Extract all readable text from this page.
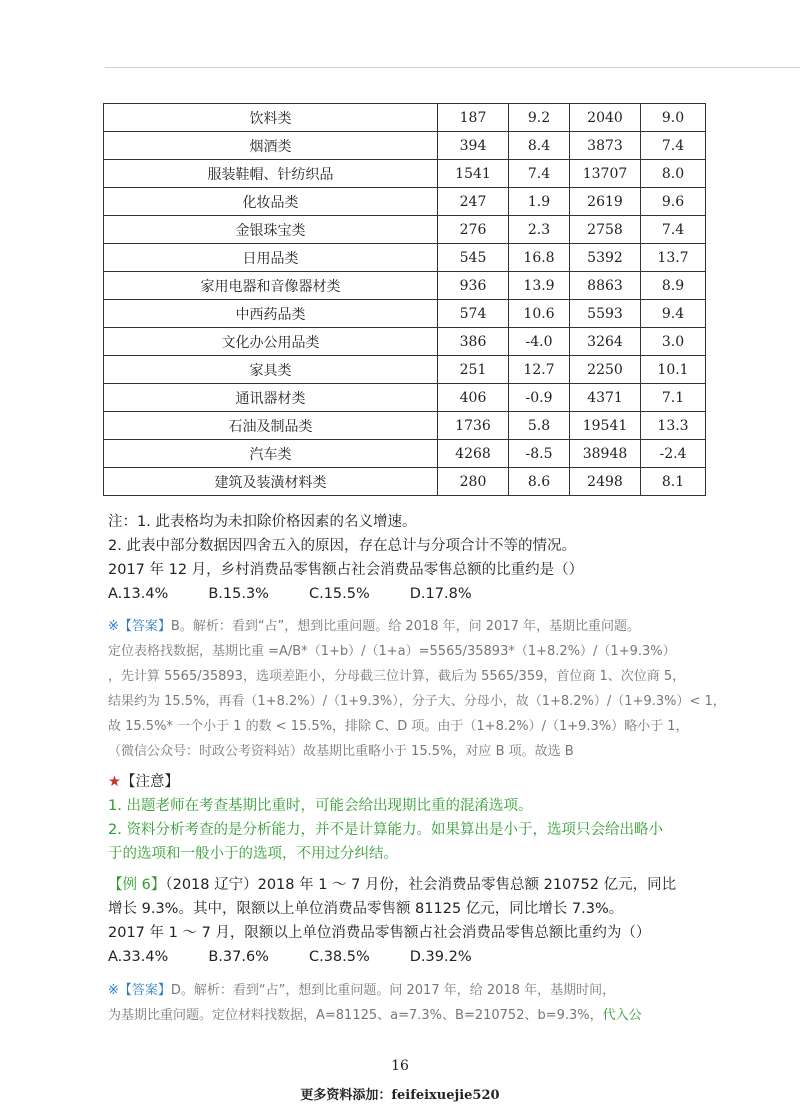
饮料类	187	9.2	2040	9.0
烟酒类	394	8.4	3873	7.4
服装鞋帽、针纺织品	1541	7.4	13707	8.0
化妆品类	247	1.9	2619	9.6
金银珠宝类	276	2.3	2758	7.4
日用品类	545	16.8	5392	13.7
家用电器和音像器材类	936	13.9	8863	8.9
中西药品类	574	10.6	5593	9.4
文化办公用品类	386	-4.0	3264	3.0
家具类	251	12.7	2250	10.1
通讯器材类	406	-0.9	4371	7.1
石油及制品类	1736	5.8	19541	13.3
汽车类	4268	-8.5	38948	-2.4
建筑及装潢材料类	280	8.6	2498	8.1

注：1. 此表格均为未扣除价格因素的名义增速。

2. 此表中部分数据因四舍五入的原因，存在总计与分项合计不等的情况。

2017 年 12 月，乡村消费品零售额占社会消费品零售总额的比重约是（）

A.13.4%	B.15.3%	C.15.5%	D.17.8%

※【答案】B。解析：看到“占”，想到比重问题。给 2018 年，问 2017 年，基期比重问题。

定位表格找数据，基期比重 =A/B*（1+b）/（1+a）=5565/35893*（1+8.2%）/（1+9.3%）

，先计算 5565/35893，选项差距小，分母截三位计算，截后为 5565/359，首位商 1、次位商 5，

结果约为 15.5%，再看（1+8.2%）/（1+9.3%），分子大、分母小，故（1+8.2%）/（1+9.3%）< 1，

故 15.5%* 一个小于 1 的数 < 15.5%，排除 C、D 项。由于（1+8.2%）/（1+9.3%）略小于 1，

（微信公众号：时政公考资料站）故基期比重略小于 15.5%，对应 B 项。故选 B

★【注意】

1. 出题老师在考查基期比重时，可能会给出现期比重的混淆选项。

2. 资料分析考查的是分析能力，并不是计算能力。如果算出是小于，选项只会给出略小

于的选项和一般小于的选项，不用过分纠结。

【例 6】（2018 辽宁）2018 年 1 ～ 7 月份，社会消费品零售总额 210752 亿元，同比

增长 9.3%。其中，限额以上单位消费品零售额 81125 亿元，同比增长 7.3%。

2017 年 1 ～ 7 月，限额以上单位消费品零售额占社会消费品零售总额比重约为（）

A.33.4%	B.37.6%	C.38.5%	D.39.2%

※【答案】D。解析：看到“占”，想到比重问题。问 2017 年，给 2018 年，基期时间，

为基期比重问题。定位材料找数据，A=81125、a=7.3%、B=210752、b=9.3%，代入公

16
更多资料添加：feifeixuejie520
